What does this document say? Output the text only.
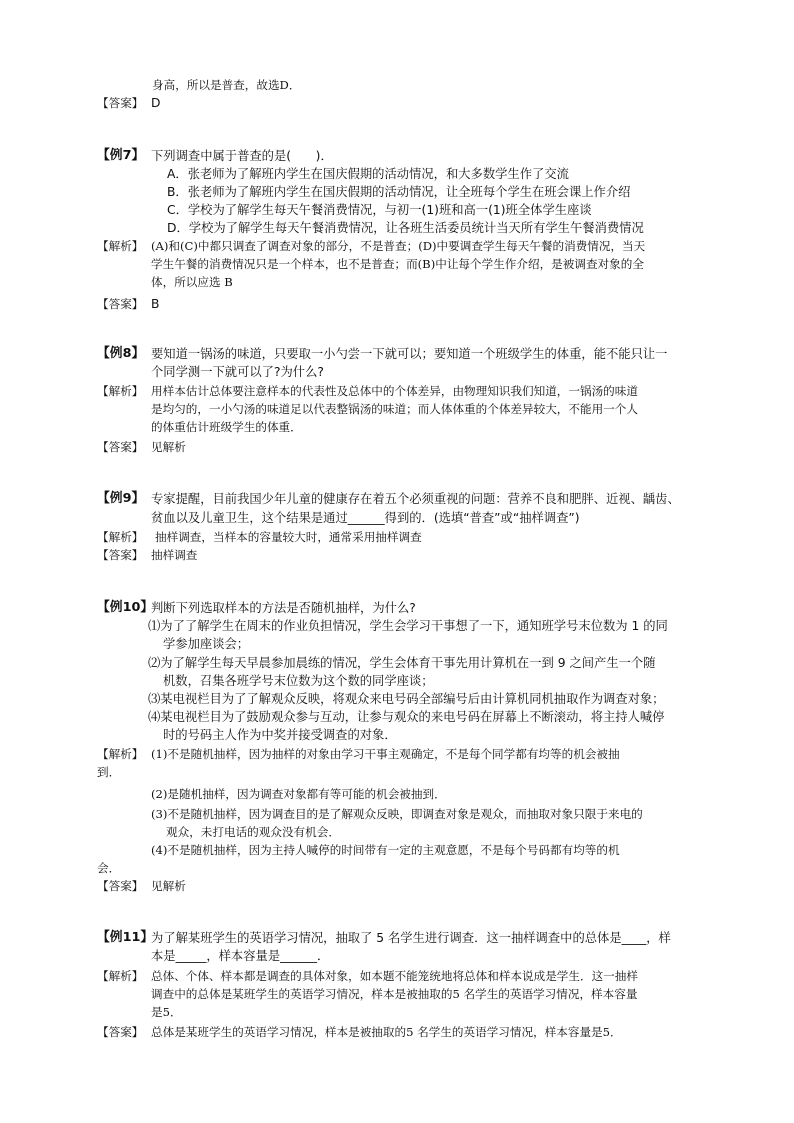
身高，所以是普查，故选D．
【答案】 D
【例7】 下列调查中属于普查的是(　　)．
A．张老师为了解班内学生在国庆假期的活动情况，和大多数学生作了交流
B．张老师为了解班内学生在国庆假期的活动情况，让全班每个学生在班会课上作介绍
C．学校为了解学生每天午餐消费情况，与初一(1)班和高一(1)班全体学生座谈
D．学校为了解学生每天午餐消费情况，让各班生活委员统计当天所有学生午餐消费情况
【解析】 (A)和(C)中都只调查了调查对象的部分，不是普查；(D)中要调查学生每天午餐的消费情况，当天
学生午餐的消费情况只是一个样本，也不是普查；而(B)中让每个学生作介绍，是被调查对象的全
体，所以应选 B
【答案】 B
【例8】 要知道一锅汤的味道，只要取一小勺尝一下就可以；要知道一个班级学生的体重，能不能只让一
个同学测一下就可以了?为什么?
【解析】 用样本估计总体要注意样本的代表性及总体中的个体差异，由物理知识我们知道，一锅汤的味道
是均匀的，一小勺汤的味道足以代表整锅汤的味道；而人体体重的个体差异较大，不能用一个人
的体重估计班级学生的体重．
【答案】 见解析
【例9】 专家提醒，目前我国少年儿童的健康存在着五个必须重视的问题：营养不良和肥胖、近视、龋齿、
贫血以及儿童卫生，这个结果是通过______得到的．(选填“普查”或“抽样调查”)
【解析】 抽样调查，当样本的容量较大时，通常采用抽样调查
【答案】 抽样调查
【例10】
判断下列选取样本的方法是否随机抽样，为什么?
⑴为了了解学生在周末的作业负担情况，学生会学习干事想了一下，通知班学号末位数为 1 的同
学参加座谈会；
⑵为了解学生每天早晨参加晨练的情况，学生会体育干事先用计算机在一到 9 之间产生一个随
机数，召集各班学号末位数为这个数的同学座谈；
⑶某电视栏目为了了解观众反映，将观众来电号码全部编号后由计算机同机抽取作为调查对象；
⑷某电视栏目为了鼓励观众参与互动，让参与观众的来电号码在屏幕上不断滚动，将主持人喊停
时的号码主人作为中奖并接受调查的对象．
【解析】 (1)不是随机抽样，因为抽样的对象由学习干事主观确定，不是每个同学都有均等的机会被抽
到．
(2)是随机抽样，因为调查对象都有等可能的机会被抽到．
(3)不是随机抽样，因为调查目的是了解观众反映，即调查对象是观众，而抽取对象只限于来电的
观众，未打电话的观众没有机会．
(4)不是随机抽样，因为主持人喊停的时间带有一定的主观意愿，不是每个号码都有均等的机
会．
【答案】 见解析
【例11】
为了解某班学生的英语学习情况，抽取了 5 名学生进行调查．这一抽样调查中的总体是____，样
本是_____，样本容量是______．
【解析】 总体、个体、样本都是调查的具体对象，如本题不能笼统地将总体和样本说成是学生．这一抽样
调查中的总体是某班学生的英语学习情况，样本是被抽取的5 名学生的英语学习情况，样本容量
是5．
【答案】 总体是某班学生的英语学习情况，样本是被抽取的5 名学生的英语学习情况，样本容量是5．
